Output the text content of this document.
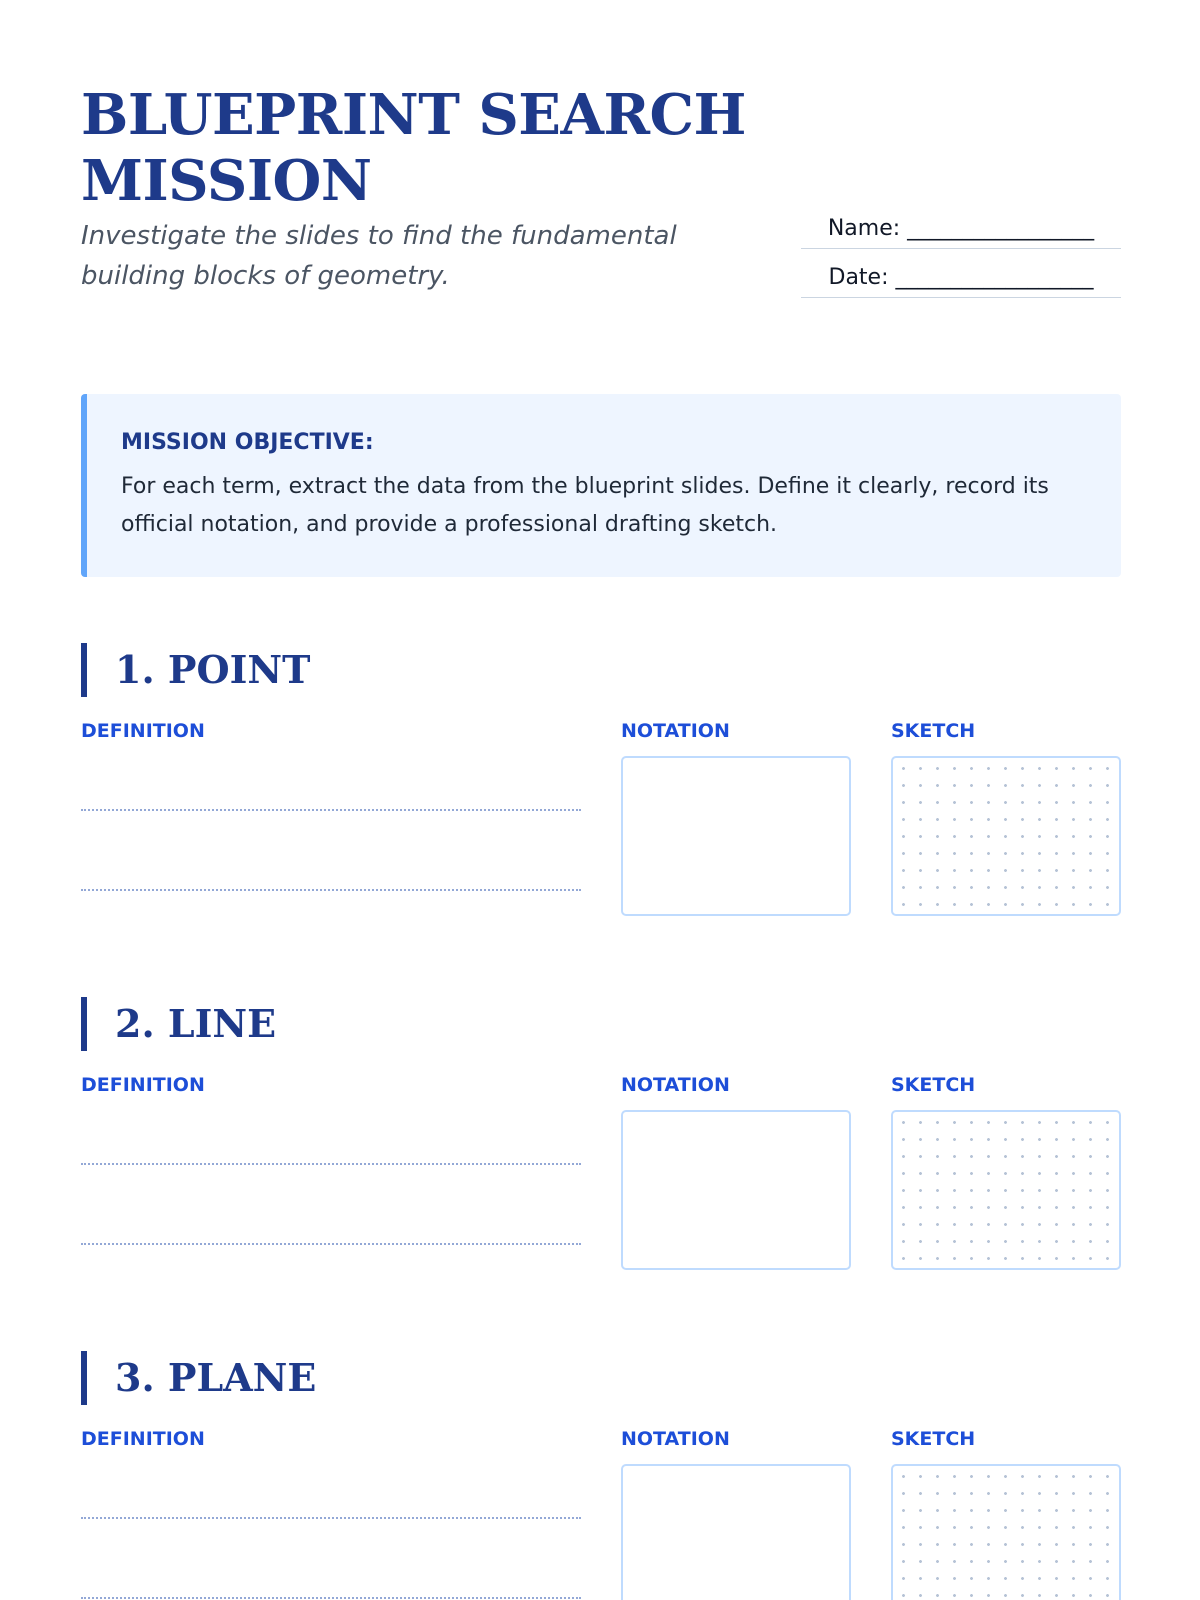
BLUEPRINT SEARCH MISSION

Investigate the slides to find the fundamental building blocks of geometry.

Name: _________________
Date: __________________
MISSION OBJECTIVE:
For each term, extract the data from the blueprint slides. Define it clearly, record its official notation, and provide a professional drafting sketch.
1. POINT
DEFINITION	NOTATION	SKETCH
2. LINE
DEFINITION	NOTATION	SKETCH
3. PLANE
DEFINITION	NOTATION	SKETCH
